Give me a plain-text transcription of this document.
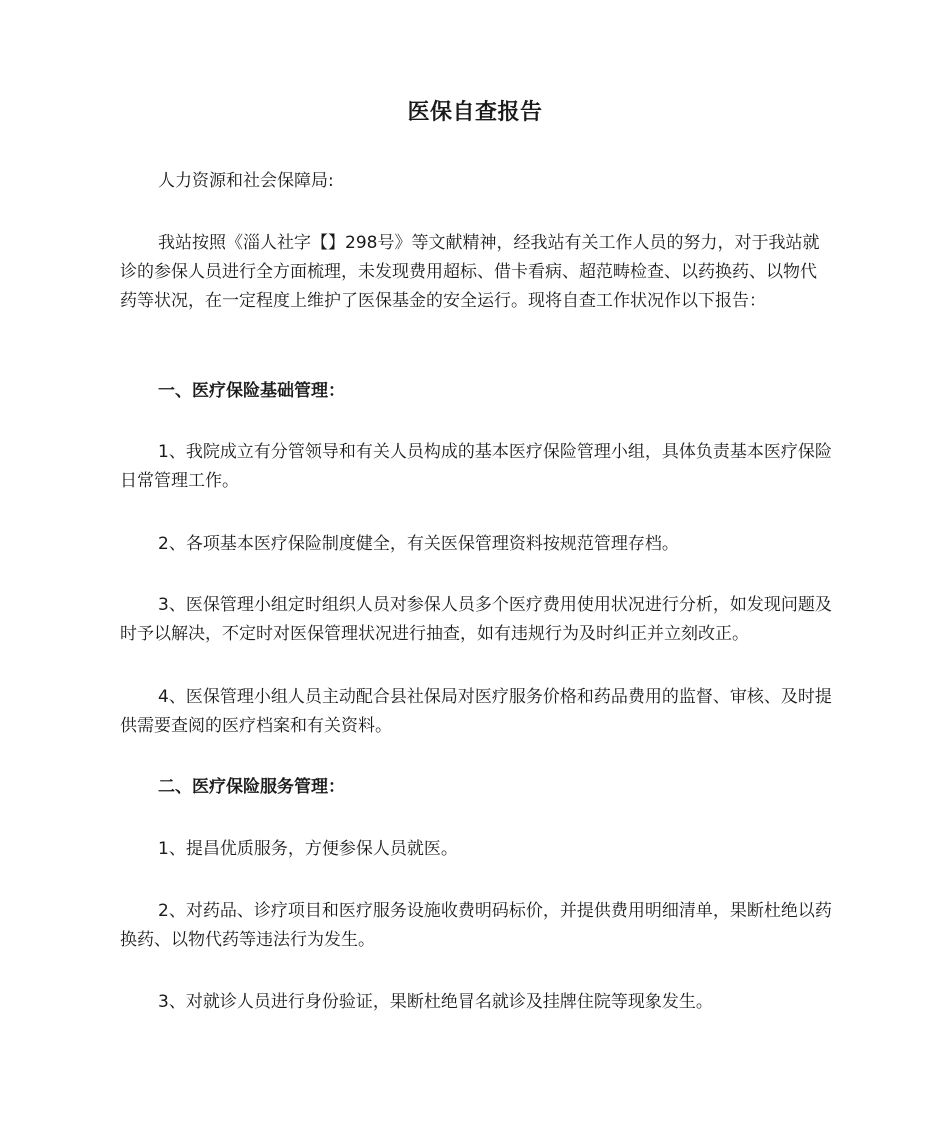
医保自查报告

人力资源和社会保障局:

我站按照《淄人社字【】298号》等文献精神，经我站有关工作人员的努力，对于我站就诊的参保人员进行全方面梳理，未发现费用超标、借卡看病、超范畴检查、以药换药、以物代药等状况，在一定程度上维护了医保基金的安全运行。现将自查工作状况作以下报告：

一、医疗保险基础管理：

1、我院成立有分管领导和有关人员构成的基本医疗保险管理小组，具体负责基本医疗保险日常管理工作。

2、各项基本医疗保险制度健全，有关医保管理资料按规范管理存档。

3、医保管理小组定时组织人员对参保人员多个医疗费用使用状况进行分析，如发现问题及时予以解决，不定时对医保管理状况进行抽查，如有违规行为及时纠正并立刻改正。

4、医保管理小组人员主动配合县社保局对医疗服务价格和药品费用的监督、审核、及时提供需要查阅的医疗档案和有关资料。

二、医疗保险服务管理：

1、提昌优质服务，方便参保人员就医。

2、对药品、诊疗项目和医疗服务设施收费明码标价，并提供费用明细清单，果断杜绝以药换药、以物代药等违法行为发生。

3、对就诊人员进行身份验证，果断杜绝冒名就诊及挂牌住院等现象发生。
